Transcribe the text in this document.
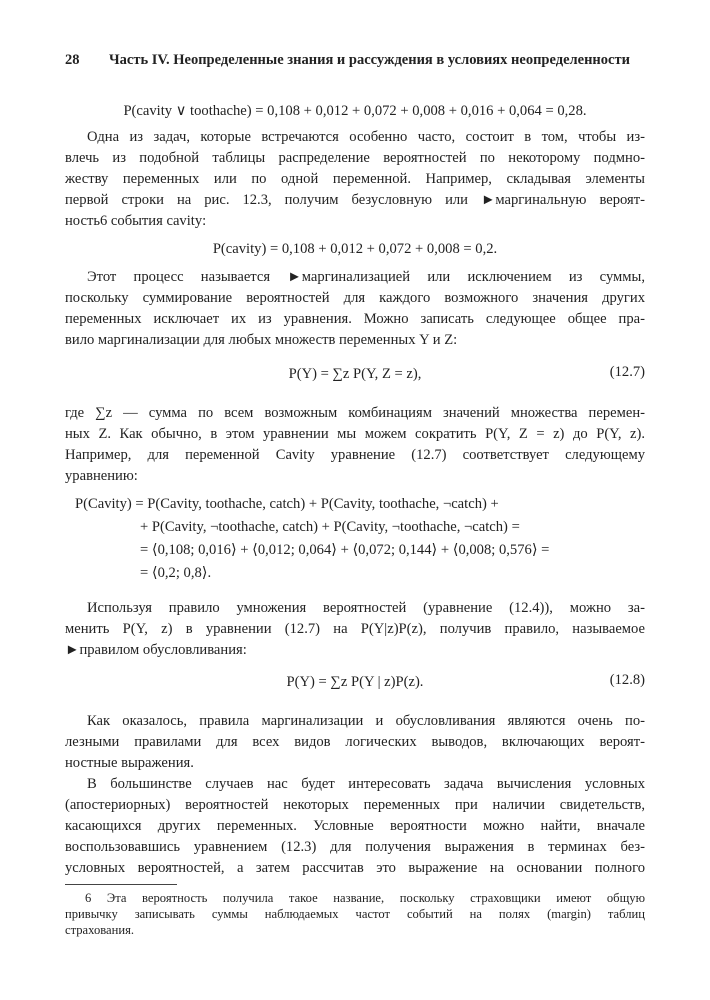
28 Часть IV. Неопределенные знания и рассуждения в условиях неопределенности
P(cavity ∨ toothache) = 0,108 + 0,012 + 0,072 + 0,008 + 0,016 + 0,064 = 0,28.
Одна из задач, которые встречаются особенно часто, состоит в том, чтобы из-
влечь из подобной таблицы распределение вероятностей по некоторому подмно-
жеству переменных или по одной переменной. Например, складывая элементы
первой строки на рис. 12.3, получим безусловную или ►маргинальную вероят-
ность6 события cavity:
P(cavity) = 0,108 + 0,012 + 0,072 + 0,008 = 0,2.
Этот процесс называется ►маргинализацией или исключением из суммы,
поскольку суммирование вероятностей для каждого возможного значения других
переменных исключает их из уравнения. Можно записать следующее общее пра-
вило маргинализации для любых множеств переменных Y и Z:
P(Y) = ∑z P(Y, Z = z),	(12.7)
где ∑z — сумма по всем возможным комбинациям значений множества перемен-
ных Z. Как обычно, в этом уравнении мы можем сократить P(Y, Z = z) до P(Y, z).
Например, для переменной Cavity уравнение (12.7) соответствует следующему
уравнению:
P(Cavity) = P(Cavity, toothache, catch) + P(Cavity, toothache, ¬catch) +
+ P(Cavity, ¬toothache, catch) + P(Cavity, ¬toothache, ¬catch) =
= ⟨0,108; 0,016⟩ + ⟨0,012; 0,064⟩ + ⟨0,072; 0,144⟩ + ⟨0,008; 0,576⟩ =
= ⟨0,2; 0,8⟩.
Используя правило умножения вероятностей (уравнение (12.4)), можно за-
менить P(Y, z) в уравнении (12.7) на P(Y|z)P(z), получив правило, называемое
►правилом обусловливания:
P(Y) = ∑z P(Y | z)P(z).	(12.8)
Как оказалось, правила маргинализации и обусловливания являются очень по-
лезными правилами для всех видов логических выводов, включающих вероят-
ностные выражения.
В большинстве случаев нас будет интересовать задача вычисления условных
(апостериорных) вероятностей некоторых переменных при наличии свидетельств,
касающихся других переменных. Условные вероятности можно найти, вначале
воспользовавшись уравнением (12.3) для получения выражения в терминах без-
условных вероятностей, а затем рассчитав это выражение на основании полного
6 Эта вероятность получила такое название, поскольку страховщики имеют общую
привычку записывать суммы наблюдаемых частот событий на полях (margin) таблиц
страхования.
